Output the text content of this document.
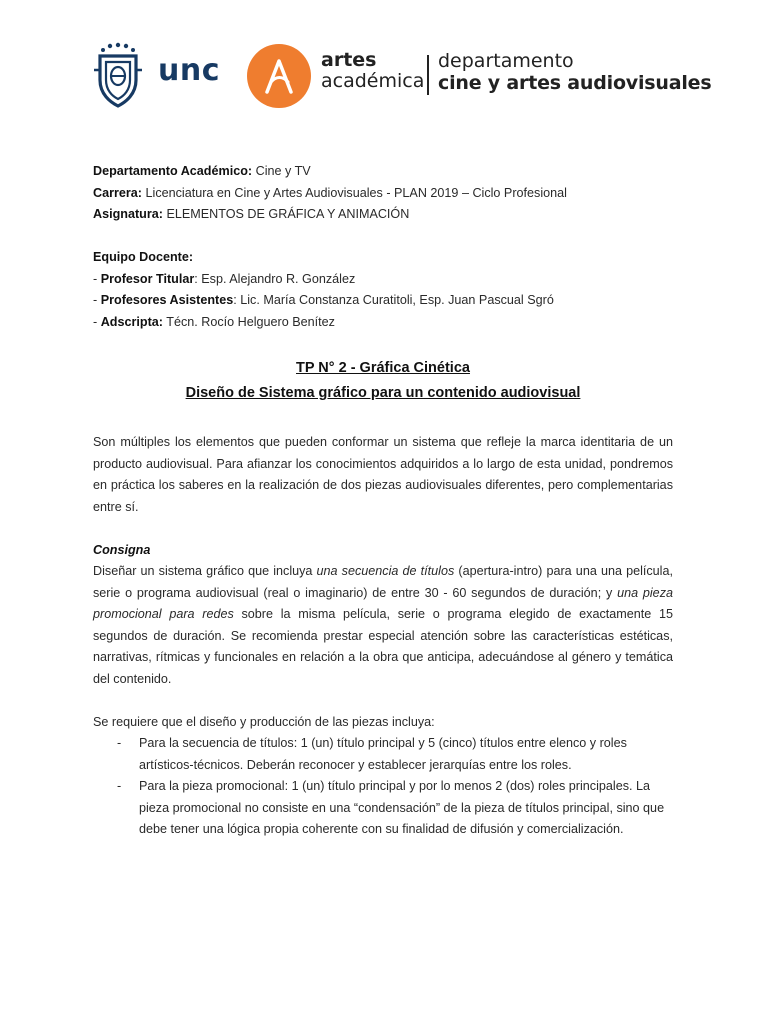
unc	artes
académica
departamento
cine y artes audiovisuales

Departamento Académico: Cine y TV

Carrera: Licenciatura en Cine y Artes Audiovisuales - PLAN 2019 – Ciclo Profesional

Asignatura: ELEMENTOS DE GRÁFICA Y ANIMACIÓN

Equipo Docente:

- Profesor Titular: Esp. Alejandro R. González

- Profesores Asistentes: Lic. María Constanza Curatitoli, Esp. Juan Pascual Sgró

- Adscripta: Técn. Rocío Helguero Benítez

TP N° 2 - Gráfica Cinética
Diseño de Sistema gráfico para un contenido audiovisual

Son múltiples los elementos que pueden conformar un sistema que refleje la marca identitaria de un producto audiovisual. Para afianzar los conocimientos adquiridos a lo largo de esta unidad, pondremos en práctica los saberes en la realización de dos piezas audiovisuales diferentes, pero complementarias entre sí.

Consigna

Diseñar un sistema gráfico que incluya una secuencia de títulos (apertura-intro) para una una película, serie o programa audiovisual (real o imaginario) de entre 30 - 60 segundos de duración; y una pieza promocional para redes sobre la misma película, serie o programa elegido de exactamente 15 segundos de duración. Se recomienda prestar especial atención sobre las características estéticas, narrativas, rítmicas y funcionales en relación a la obra que anticipa, adecuándose al género y temática del contenido.

Se requiere que el diseño y producción de las piezas incluya:

- Para la secuencia de títulos: 1 (un) título principal y 5 (cinco) títulos entre elenco y roles artísticos-técnicos. Deberán reconocer y establecer jerarquías entre los roles.
- Para la pieza promocional: 1 (un) título principal y por lo menos 2 (dos) roles principales. La pieza promocional no consiste en una “condensación” de la pieza de títulos principal, sino que debe tener una lógica propia coherente con su finalidad de difusión y comercialización.
